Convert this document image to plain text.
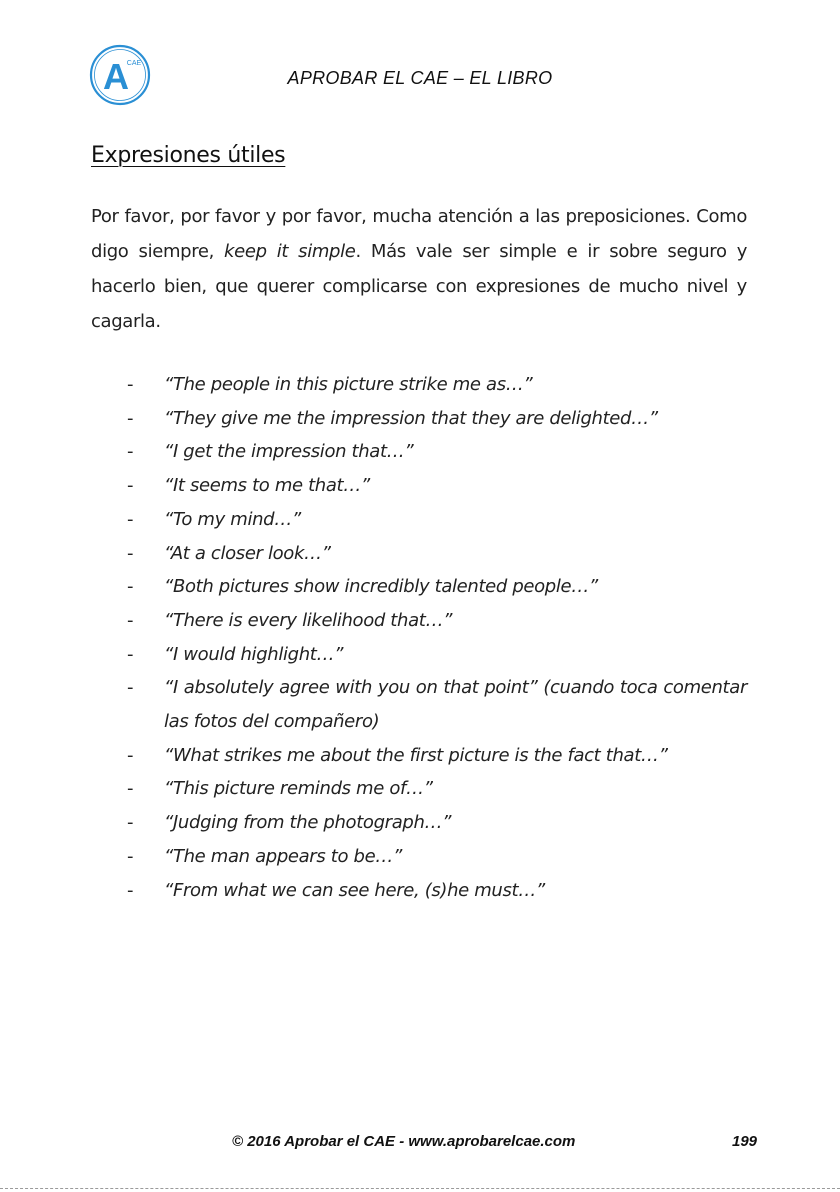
A
CAE
APROBAR EL CAE – EL LIBRO
Expresiones útiles

Por favor, por favor y por favor, mucha atención a las preposiciones. Como digo siempre, keep it simple. Más vale ser simple e ir sobre seguro y hacerlo bien, que querer complicarse con expresiones de mucho nivel y cagarla.

-	“The people in this picture strike me as…”
-	“They give me the impression that they are delighted…”
-	“I get the impression that…”
-	“It seems to me that…”
-	“To my mind…”
-	“At a closer look…”
-	“Both pictures show incredibly talented people…”
-	“There is every likelihood that…”
-	“I would highlight…”
-	“I absolutely agree with you on that point” (cuando toca comentar las fotos del compañero)
-	“What strikes me about the first picture is the fact that…”
-	“This picture reminds me of…”
-	“Judging from the photograph…”
-	“The man appears to be…”
-	“From what we can see here, (s)he must…”
© 2016 Aprobar el CAE - www.aprobarelcae.com	199
